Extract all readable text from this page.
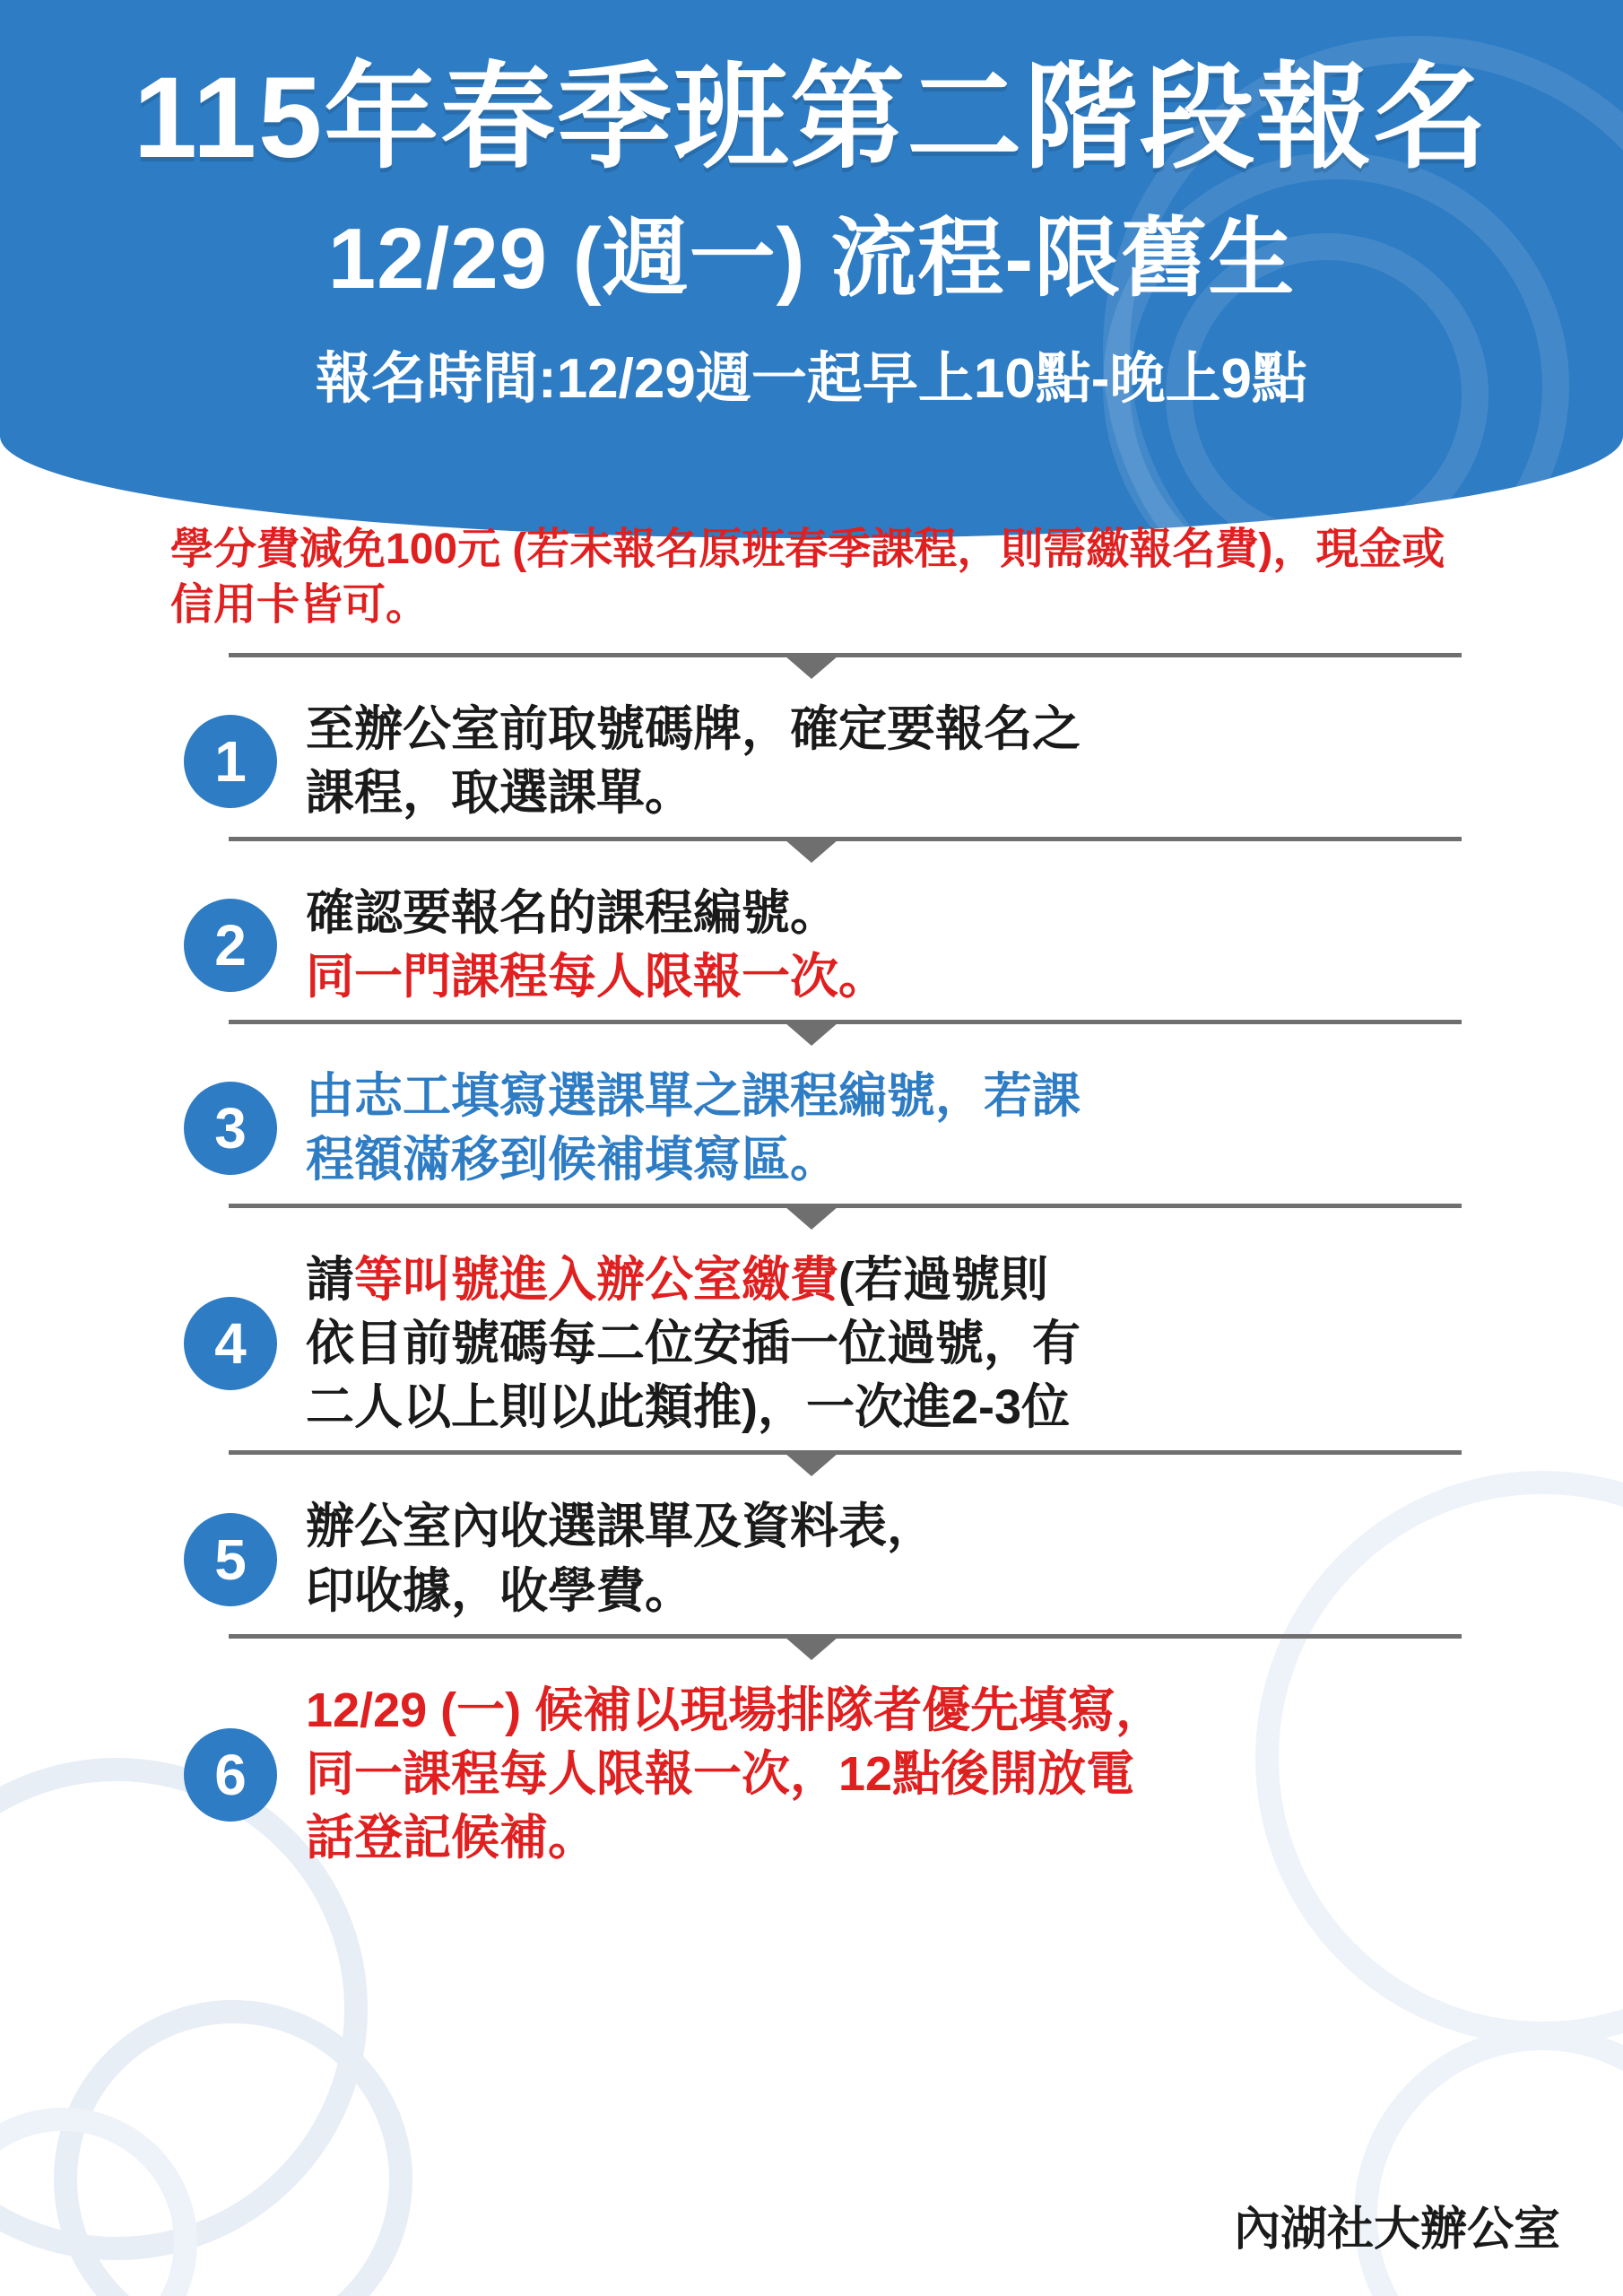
115年春季班第二階段報名
12/29 (週一) 流程-限舊生
報名時間:12/29週一起早上10點-晚上9點
學分費減免100元 (若未報名原班春季課程，則需繳報名費)，現金或信用卡皆可。
1
至辦公室前取號碼牌，確定要報名之
課程，取選課單。
2
確認要報名的課程編號。
同一門課程每人限報一次。
3
由志工填寫選課單之課程編號，若課
程額滿移到候補填寫區。
4
請等叫號進入辦公室繳費(若過號則
依目前號碼每二位安插一位過號，有
二人以上則以此類推)，一次進2-3位
5
辦公室內收選課單及資料表，
印收據，收學費。
6
12/29 (一) 候補以現場排隊者優先填寫，
同一課程每人限報一次，12點後開放電
話登記候補。
內湖社大辦公室
